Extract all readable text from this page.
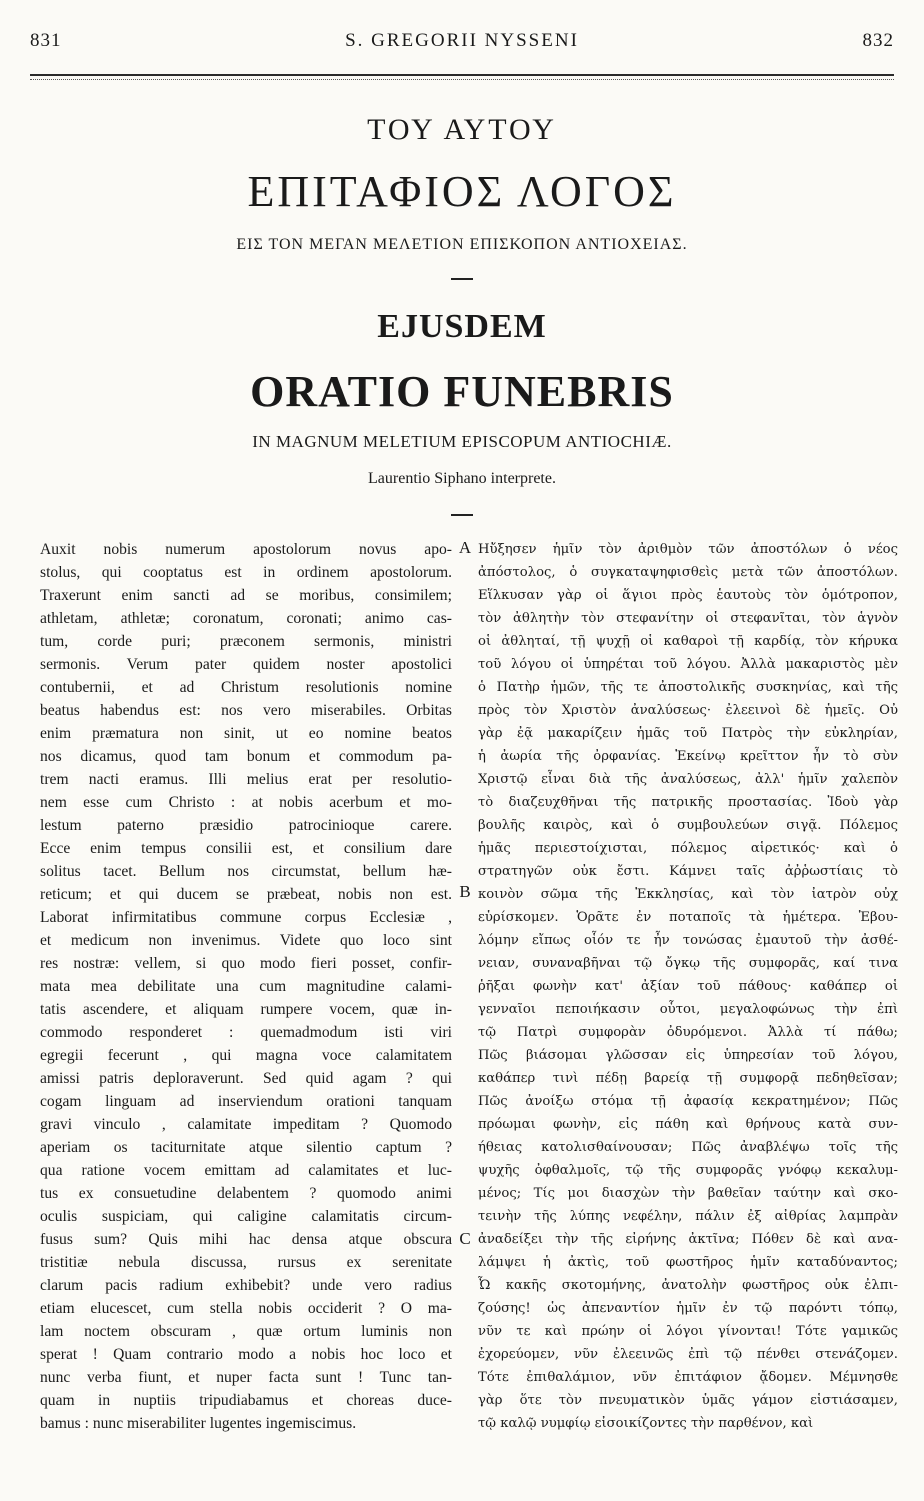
831	S. GREGORII NYSSENI	832
ΤΟΥ ΑΥΤΟΥ
ΕΠΙΤΑΦΙΟΣ ΛΟΓΟΣ
ΕΙΣ ΤΟΝ ΜΕΓΑΝ ΜΕΛΕΤΙΟΝ ΕΠΙΣΚΟΠΟΝ ΑΝΤΙΟΧΕΙΑΣ.
EJUSDEM
ORATIO FUNEBRIS
IN MAGNUM MELETIUM EPISCOPUM ANTIOCHIÆ.
Laurentio Siphano interprete.
Auxit nobis numerum apostolorum novus apo-
stolus, qui cooptatus est in ordinem apostolorum.
Traxerunt enim sancti ad se moribus, consimilem;
athletam, athletæ; coronatum, coronati; animo cas-
tum, corde puri; præconem sermonis, ministri
sermonis. Verum pater quidem noster apostolici
contubernii, et ad Christum resolutionis nomine
beatus habendus est: nos vero miserabiles. Orbitas
enim præmatura non sinit, ut eo nomine beatos
nos dicamus, quod tam bonum et commodum pa-
trem nacti eramus. Illi melius erat per resolutio-
nem esse cum Christo : at nobis acerbum et mo-
lestum paterno præsidio patrocinioque carere.
Ecce enim tempus consilii est, et consilium dare
solitus tacet. Bellum nos circumstat, bellum hæ-
reticum; et qui ducem se præbeat, nobis non est.
Laborat infirmitatibus commune corpus Ecclesiæ ,
et medicum non invenimus. Videte quo loco sint
res nostræ: vellem, si quo modo fieri posset, confir-
mata mea debilitate una cum magnitudine calami-
tatis ascendere, et aliquam rumpere vocem, quæ in-
commodo responderet : quemadmodum isti viri
egregii fecerunt , qui magna voce calamitatem
amissi patris deploraverunt. Sed quid agam ? qui
cogam linguam ad inserviendum orationi tanquam
gravi vinculo , calamitate impeditam ? Quomodo
aperiam os taciturnitate atque silentio captum ?
qua ratione vocem emittam ad calamitates et luc-
tus ex consuetudine delabentem ? quomodo animi
oculis suspiciam, qui caligine calamitatis circum-
fusus sum? Quis mihi hac densa atque obscura
tristitiæ nebula discussa, rursus ex serenitate
clarum pacis radium exhibebit? unde vero radius
etiam elucescet, cum stella nobis occiderit ? O ma-
lam noctem obscuram , quæ ortum luminis non
sperat ! Quam contrario modo a nobis hoc loco et
nunc verba fiunt, et nuper facta sunt ! Tunc tan-
quam in nuptiis tripudiabamus et choreas duce-
bamus : nunc miserabiliter lugentes ingemiscimus.
Ηὔξησεν ἡμῖν τὸν ἀριθμὸν τῶν ἀποστόλων ὁ νέος
ἀπόστολος, ὁ συγκαταψηφισθεὶς μετὰ τῶν ἀποστόλων.
Εἵλκυσαν γὰρ οἱ ἅγιοι πρὸς ἑαυτοὺς τὸν ὁμότροπον,
τὸν ἀθλητὴν τὸν στεφανίτην οἱ στεφανῖται, τὸν ἁγνὸν
οἱ ἀθληταί, τῇ ψυχῇ οἱ καθαροὶ τῇ καρδίᾳ, τὸν κήρυκα
τοῦ λόγου οἱ ὑπηρέται τοῦ λόγου. Ἀλλὰ μακαριστὸς μὲν
ὁ Πατὴρ ἡμῶν, τῆς τε ἀποστολικῆς συσκηνίας, καὶ τῆς
πρὸς τὸν Χριστὸν ἀναλύσεως· ἐλεεινοὶ δὲ ἡμεῖς. Οὐ
γὰρ ἐᾷ μακαρίζειν ἡμᾶς τοῦ Πατρὸς τὴν εὐκληρίαν,
ἡ ἀωρία τῆς ὀρφανίας. Ἐκείνῳ κρεῖττον ἦν τὸ σὺν
Χριστῷ εἶναι διὰ τῆς ἀναλύσεως, ἀλλ' ἡμῖν χαλεπὸν
τὸ διαζευχθῆναι τῆς πατρικῆς προστασίας. Ἰδοὺ γὰρ
βουλῆς καιρὸς, καὶ ὁ συμβουλεύων σιγᾷ. Πόλεμος
ἡμᾶς περιεστοίχισται, πόλεμος αἱρετικός· καὶ ὁ
στρατηγῶν οὐκ ἔστι. Κάμνει ταῖς ἀῤῥωστίαις τὸ
κοινὸν σῶμα τῆς Ἐκκλησίας, καὶ τὸν ἰατρὸν οὐχ
εὑρίσκομεν. Ὁρᾶτε ἐν ποταποῖς τὰ ἡμέτερα. Ἐβου-
λόμην εἴπως οἷόν τε ἦν τονώσας ἐμαυτοῦ τὴν ἀσθέ-
νειαν, συναναβῆναι τῷ ὄγκῳ τῆς συμφορᾶς, καί τινα
ῥῆξαι φωνὴν κατ' ἀξίαν τοῦ πάθους· καθάπερ οἱ
γενναῖοι πεποιήκασιν οὗτοι, μεγαλοφώνως τὴν ἐπὶ
τῷ Πατρὶ συμφορὰν ὀδυρόμενοι. Ἀλλὰ τί πάθω;
Πῶς βιάσομαι γλῶσσαν εἰς ὑπηρεσίαν τοῦ λόγου,
καθάπερ τινὶ πέδῃ βαρείᾳ τῇ συμφορᾷ πεδηθεῖσαν;
Πῶς ἀνοίξω στόμα τῇ ἀφασίᾳ κεκρατημένον; Πῶς
πρόωμαι φωνὴν, εἰς πάθη καὶ θρήνους κατὰ συν-
ήθειας κατολισθαίνουσαν; Πῶς ἀναβλέψω τοῖς τῆς
ψυχῆς ὀφθαλμοῖς, τῷ τῆς συμφορᾶς γνόφῳ κεκαλυμ-
μένος; Τίς μοι διασχὼν τὴν βαθεῖαν ταύτην καὶ σκο-
τεινὴν τῆς λύπης νεφέλην, πάλιν ἐξ αἰθρίας λαμπρὰν
ἀναδείξει τὴν τῆς εἰρήνης ἀκτῖνα; Πόθεν δὲ καὶ ανα-
λάμψει ἡ ἀκτὶς, τοῦ φωστῆρος ἡμῖν καταδύναντος;
Ὦ κακῆς σκοτομήνης, ἀνατολὴν φωστῆρος οὐκ ἐλπι-
ζούσης! ὡς ἀπεναντίον ἡμῖν ἐν τῷ παρόντι τόπῳ,
νῦν τε καὶ πρώην οἱ λόγοι γίνονται! Τότε γαμικῶς
ἐχορεύομεν, νῦν ἐλεεινῶς ἐπὶ τῷ πένθει στενάζομεν.
Τότε ἐπιθαλάμιον, νῦν ἐπιτάφιον ᾄδομεν. Μέμνησθε
γὰρ ὅτε τὸν πνευματικὸν ὑμᾶς γάμον εἱστιάσαμεν,
τῷ καλῷ νυμφίῳ εἰσοικίζοντες τὴν παρθένον, καὶ
A
B
C
